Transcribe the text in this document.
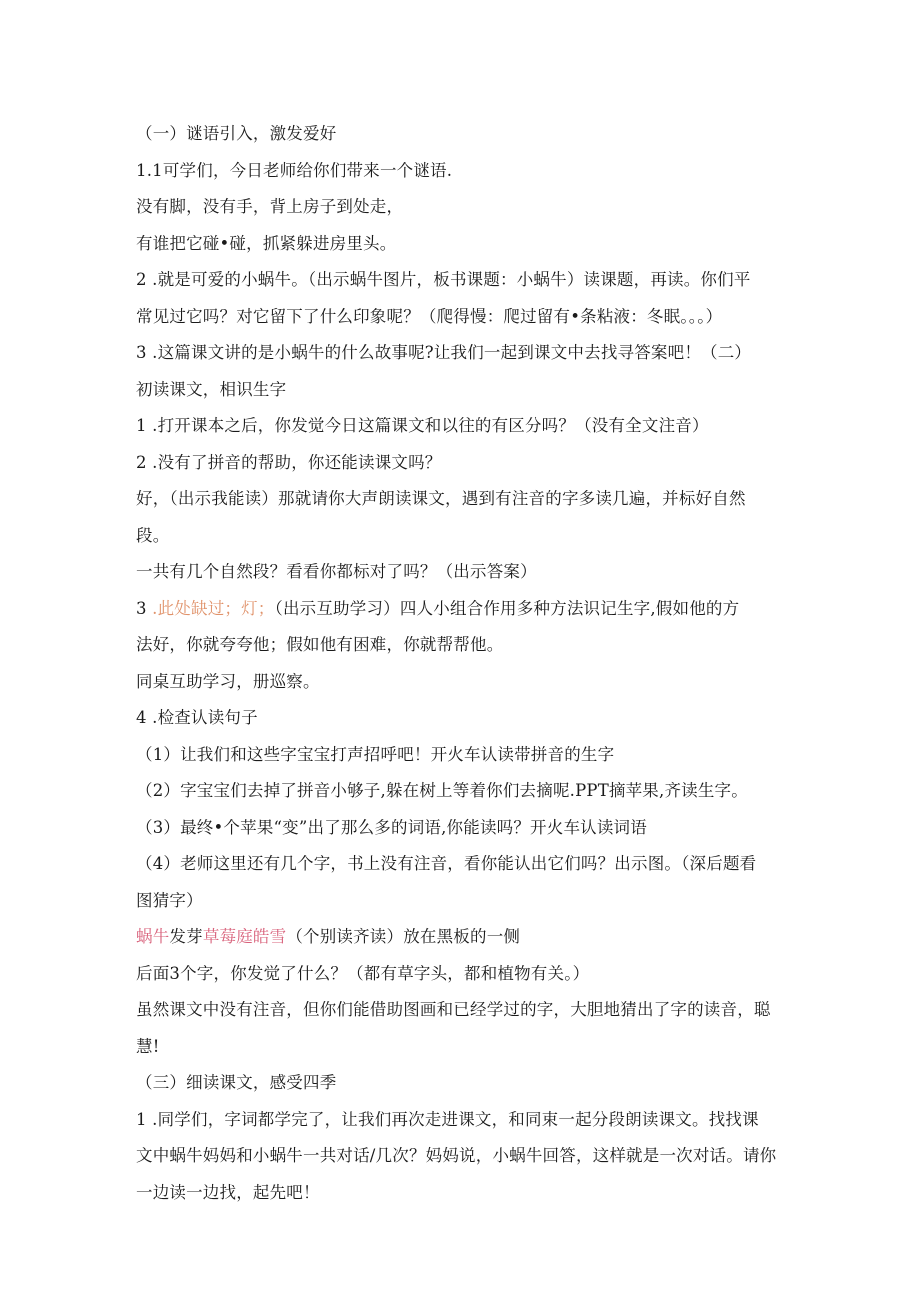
（一）谜语引入，激发爱好
1.1可学们，今日老师给你们带来一个谜语.
没有脚，没有手，背上房子到处走，
有谁把它碰•碰，抓紧躲进房里头。
2 .就是可爱的小蜗牛。（出示蜗牛图片，板书课题：小蜗牛）读课题，再读。你们平
常见过它吗？对它留下了什么印象呢？（爬得慢：爬过留有•条粘液：冬眠。。。）
3 .这篇课文讲的是小蜗牛的什么故事呢?让我们一起到课文中去找寻答案吧！（二）
初读课文，相识生字
1 .打开课本之后，你发觉今日这篇课文和以往的有区分吗？（没有全文注音）
2 .没有了拼音的帮助，你还能读课文吗？
好，（出示我能读）那就请你大声朗读课文，遇到有注音的字多读几遍，并标好自然
段。
一共有几个自然段？看看你都标对了吗？（出示答案）
3 .此处缺过；灯；（出示互助学习）四人小组合作用多种方法识记生字,假如他的方
法好，你就夸夸他；假如他有困难，你就帮帮他。
同桌互助学习，册巡察。
4 .检查认读句子
（1）让我们和这些字宝宝打声招呼吧！开火车认读带拼音的生字
（2）字宝宝们去掉了拼音小够子,躲在树上等着你们去摘呢.PPT摘苹果,齐读生字。
（3）最终•个苹果“变”出了那么多的词语,你能读吗？开火车认读词语
（4）老师这里还有几个字，书上没有注音，看你能认出它们吗？出示图。（深后题看
图猜字）
蜗牛发芽草莓庭皓雪（个别读齐读）放在黑板的一侧
后面3个字，你发觉了什么？（都有草字头，都和植物有关。）
虽然课文中没有注音，但你们能借助图画和已经学过的字，大胆地猜出了字的读音，聪
慧!
（三）细读课文，感受四季
1 .同学们，字词都学完了，让我们再次走进课文，和同束一起分段朗读课文。找找课
文中蜗牛妈妈和小蜗牛一共对话/几次？妈妈说，小蜗牛回答，这样就是一次对话。请你
一边读一边找，起先吧！
